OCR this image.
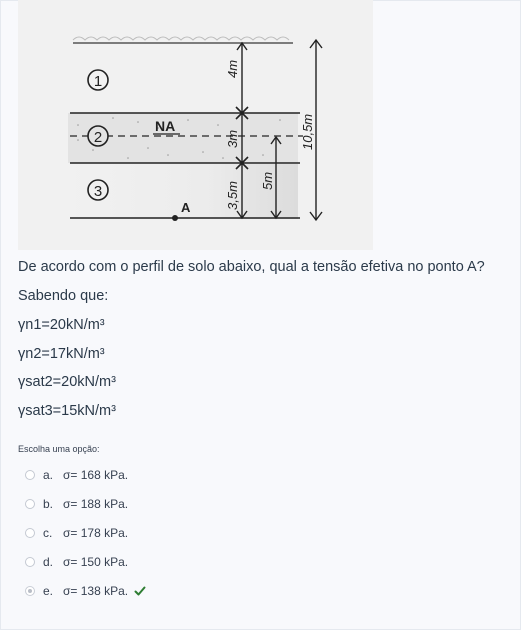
1
2
3
NA
A
4m
3m
3,5m
5m
10,5m
De acordo com o perfil de solo abaixo, qual a tensão efetiva no ponto A?
Sabendo que:
γn1=20kN/m³
γn2=17kN/m³
γsat2=20kN/m³
γsat3=15kN/m³
Escolha uma opção:
a. σ= 168 kPa.
b. σ= 188 kPa.
c. σ= 178 kPa.
d. σ= 150 kPa.
e. σ= 138 kPa.
